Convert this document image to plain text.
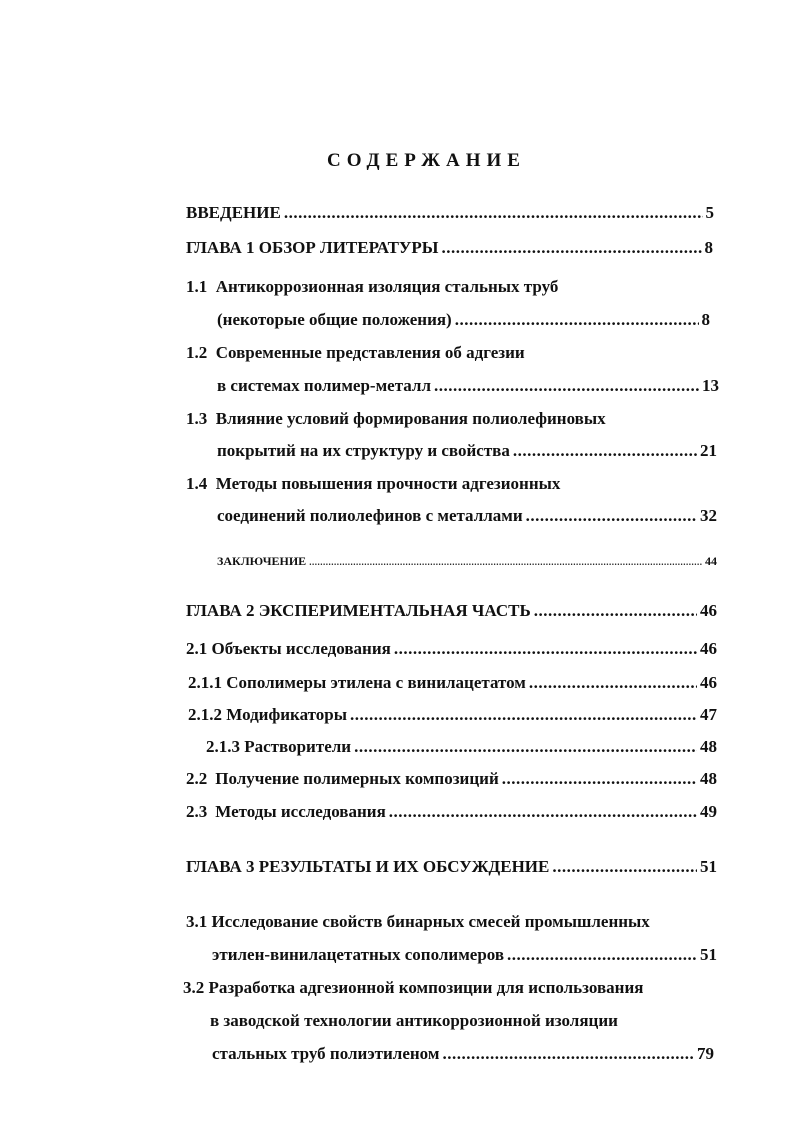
СОДЕРЖАНИЕ
ВВЕДЕНИЕ .....	5
ГЛАВА 1 ОБЗОР ЛИТЕРАТУРЫ .....	8
1.1 Антикоррозионная изоляция стальных труб
(некоторые общие положения) .....	8
1.2 Современные представления об адгезии
в системах полимер-металл .....	13
1.3 Влияние условий формирования полиолефиновых
покрытий на их структуру и свойства .....	21
1.4 Методы повышения прочности адгезионных
соединений полиолефинов с металлами .....	32
ЗАКЛЮЧЕНИЕ .....	44
ГЛАВА 2 ЭКСПЕРИМЕНТАЛЬНАЯ ЧАСТЬ .....	46
2.1 Объекты исследования .....	46
2.1.1 Сополимеры этилена с винилацетатом .....	46
2.1.2 Модификаторы .....	47
2.1.3 Растворители .....	48
2.2 Получение полимерных композиций .....	48
2.3 Методы исследования .....	49
ГЛАВА 3 РЕЗУЛЬТАТЫ И ИХ ОБСУЖДЕНИЕ .....	51
3.1 Исследование свойств бинарных смесей промышленных
этилен-винилацетатных сополимеров .....	51
3.2 Разработка адгезионной композиции для использования
в заводской технологии антикоррозионной изоляции
стальных труб полиэтиленом .....	79
